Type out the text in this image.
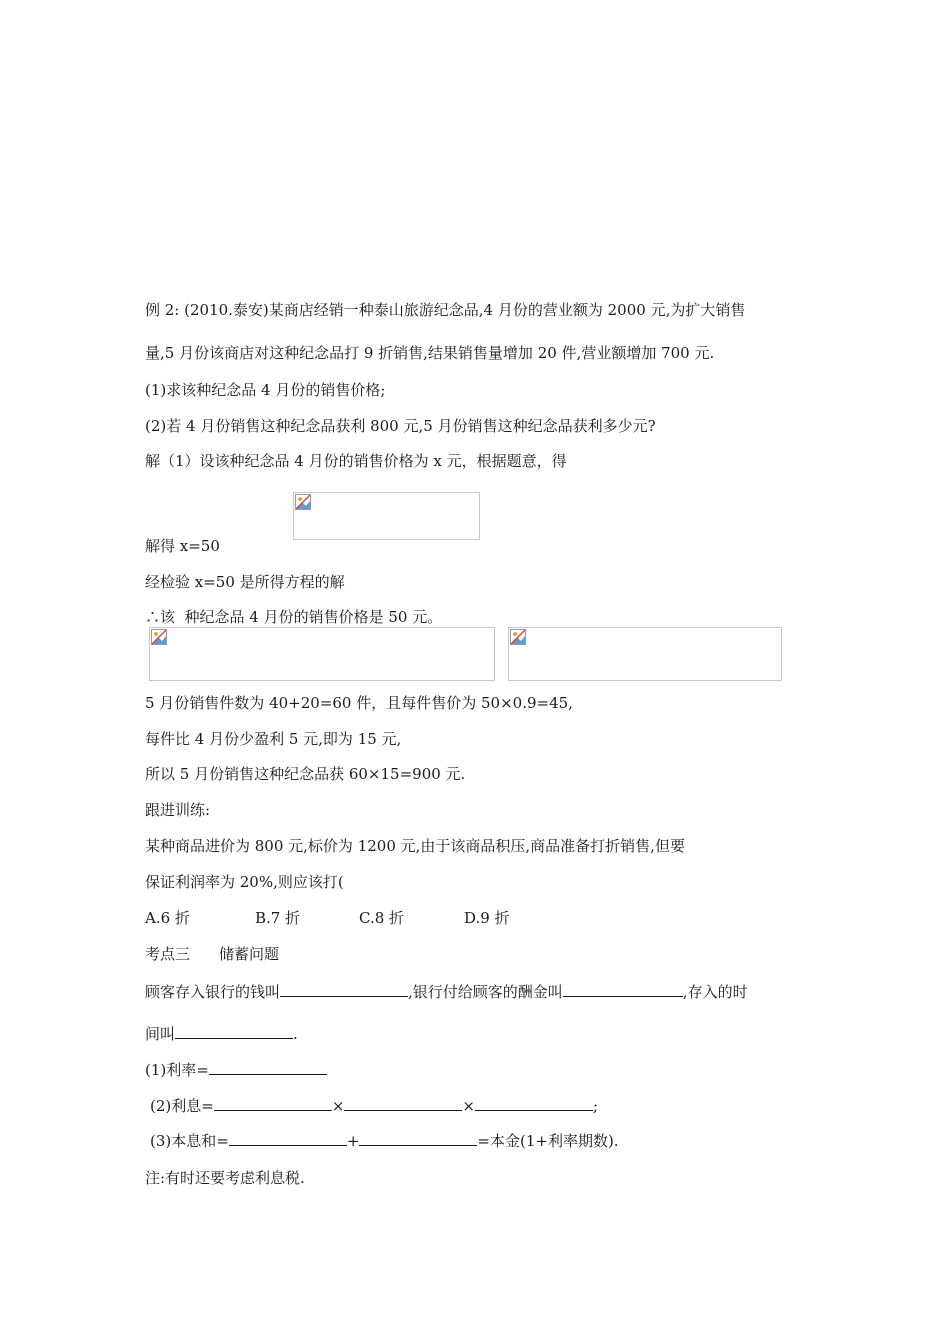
例 2: (2010.泰安)某商店经销一种泰山旅游纪念品,4 月份的营业额为 2000 元,为扩大销售
量,5 月份该商店对这种纪念品打 9 折销售,结果销售量增加 20 件,营业额增加 700 元.
(1)求该种纪念品 4 月份的销售价格;
(2)若 4 月份销售这种纪念品获利 800 元,5 月份销售这种纪念品获利多少元?
解（1）设该种纪念品 4 月份的销售价格为 x 元，根据题意，得
解得 x=50
经检验 x=50 是所得方程的解
∴该  种纪念品 4 月份的销售价格是 50 元。
5 月份销售件数为 40+20=60 件，且每件售价为 50×0.9=45,
每件比 4 月份少盈利 5 元,即为 15 元,
所以 5 月份销售这种纪念品获 60×15=900 元.
跟进训练:
某种商品进价为 800 元,标价为 1200 元,由于该商品积压,商品准备打折销售,但要
保证利润率为 20%,则应该打(
A.6 折	B.7 折	C.8 折	D.9 折
考点三 储蓄问题
顾客存入银行的钱叫	,银行付给顾客的酬金叫	,存入的时
间叫	.
(1)利率=
(2)利息=	×	×	;
(3)本息和=	+	=本金(1+利率期数).
注:有时还要考虑利息税.
